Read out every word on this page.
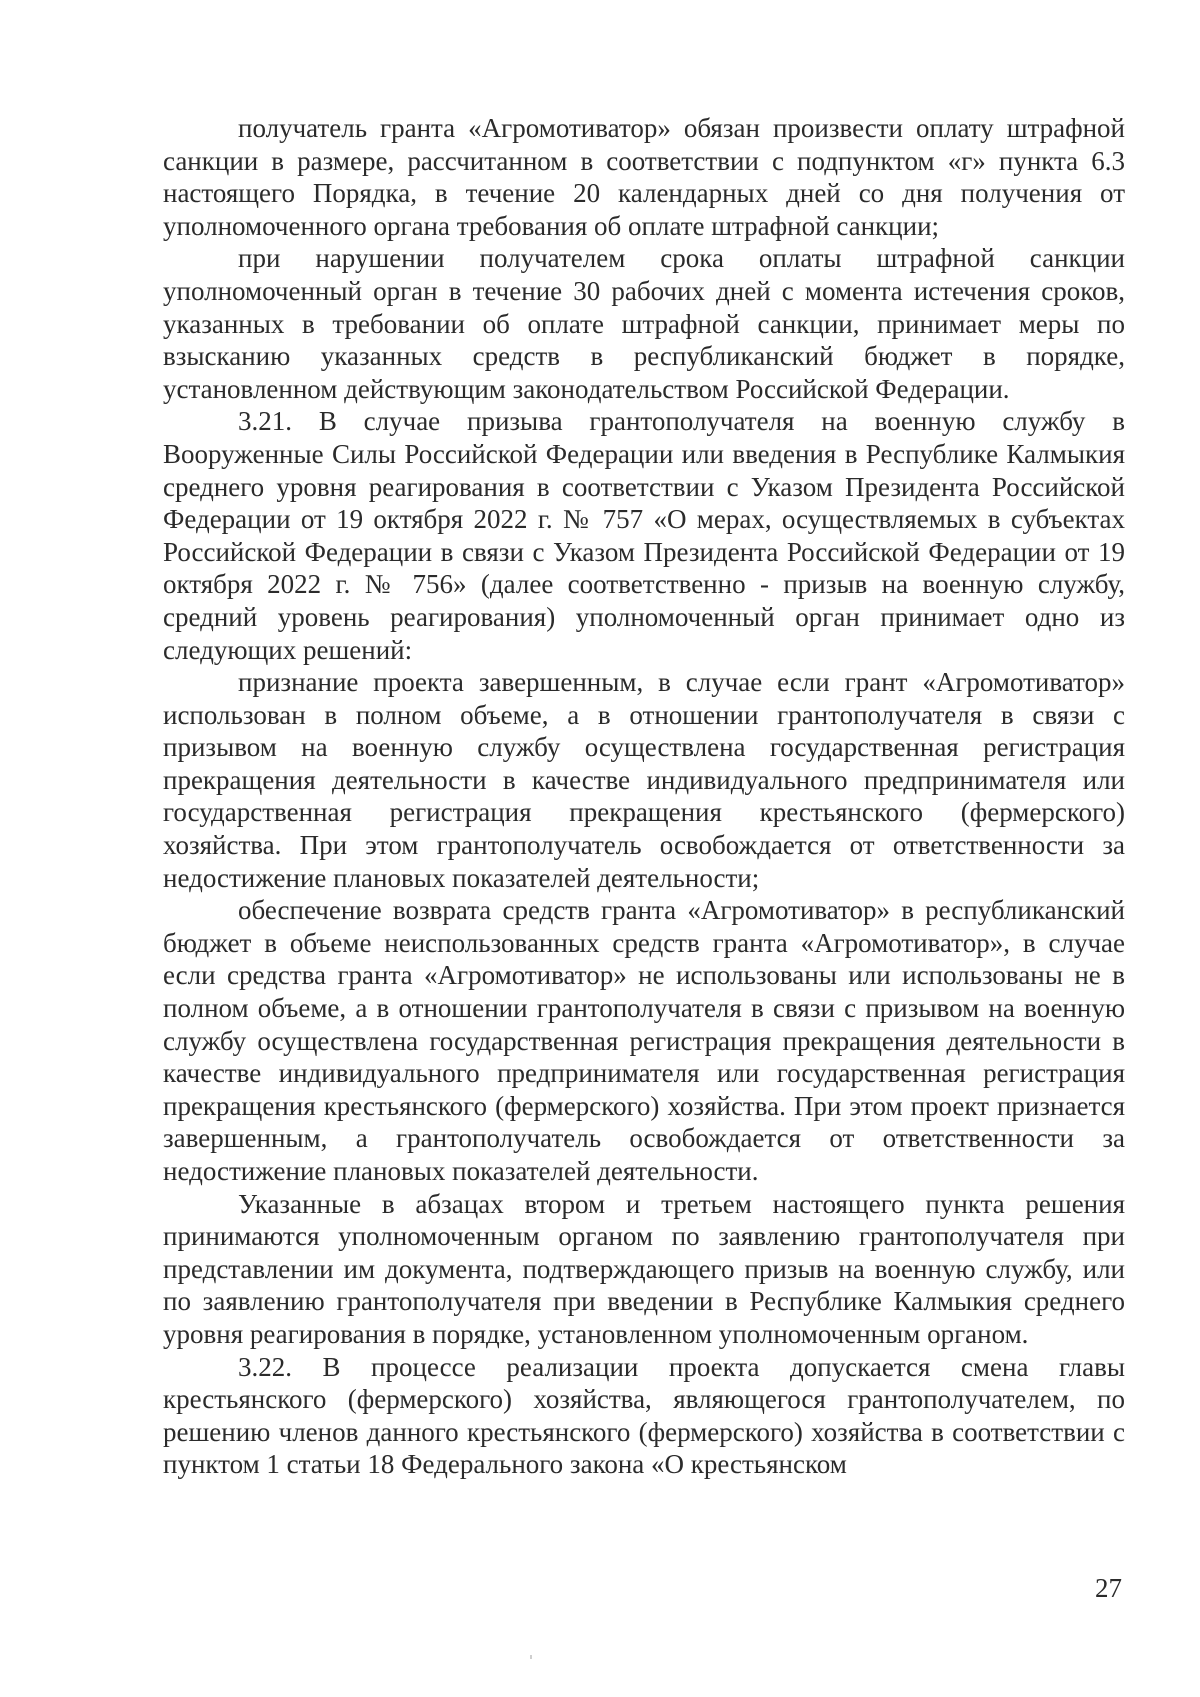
получатель гранта «Агромотиватор» обязан произвести оплату штрафной санкции в размере, рассчитанном в соответствии с подпунктом «г» пункта 6.3 настоящего Порядка, в течение 20 календарных дней со дня получения от уполномоченного органа требования об оплате штрафной санкции;

при нарушении получателем срока оплаты штрафной санкции уполномоченный орган в течение 30 рабочих дней с момента истечения сроков, указанных в требовании об оплате штрафной санкции, принимает меры по взысканию указанных средств в республиканский бюджет в порядке, установленном действующим законодательством Российской Федерации.

3.21. В случае призыва грантополучателя на военную службу в Вооруженные Силы Российской Федерации или введения в Республике Калмыкия среднего уровня реагирования в соответствии с Указом Президента Российской Федерации от 19 октября 2022 г. № 757 «О мерах, осуществляемых в субъектах Российской Федерации в связи с Указом Президента Российской Федерации от 19 октября 2022 г. № 756» (далее соответственно - призыв на военную службу, средний уровень реагирования) уполномоченный орган принимает одно из следующих решений:

признание проекта завершенным, в случае если грант «Агромотиватор» использован в полном объеме, а в отношении грантополучателя в связи с призывом на военную службу осуществлена государственная регистрация прекращения деятельности в качестве индивидуального предпринимателя или государственная регистрация прекращения крестьянского (фермерского) хозяйства. При этом грантополучатель освобождается от ответственности за недостижение плановых показателей деятельности;

обеспечение возврата средств гранта «Агромотиватор» в республиканский бюджет в объеме неиспользованных средств гранта «Агромотиватор», в случае если средства гранта «Агромотиватор» не использованы или использованы не в полном объеме, а в отношении грантополучателя в связи с призывом на военную службу осуществлена государственная регистрация прекращения деятельности в качестве индивидуального предпринимателя или государственная регистрация прекращения крестьянского (фермерского) хозяйства. При этом проект признается завершенным, а грантополучатель освобождается от ответственности за недостижение плановых показателей деятельности.

Указанные в абзацах втором и третьем настоящего пункта решения принимаются уполномоченным органом по заявлению грантополучателя при представлении им документа, подтверждающего призыв на военную службу, или по заявлению грантополучателя при введении в Республике Калмыкия среднего уровня реагирования в порядке, установленном уполномоченным органом.

3.22. В процессе реализации проекта допускается смена главы крестьянского (фермерского) хозяйства, являющегося грантополучателем, по решению членов данного крестьянского (фермерского) хозяйства в соответствии с пунктом 1 статьи 18 Федерального закона «О крестьянском

27
